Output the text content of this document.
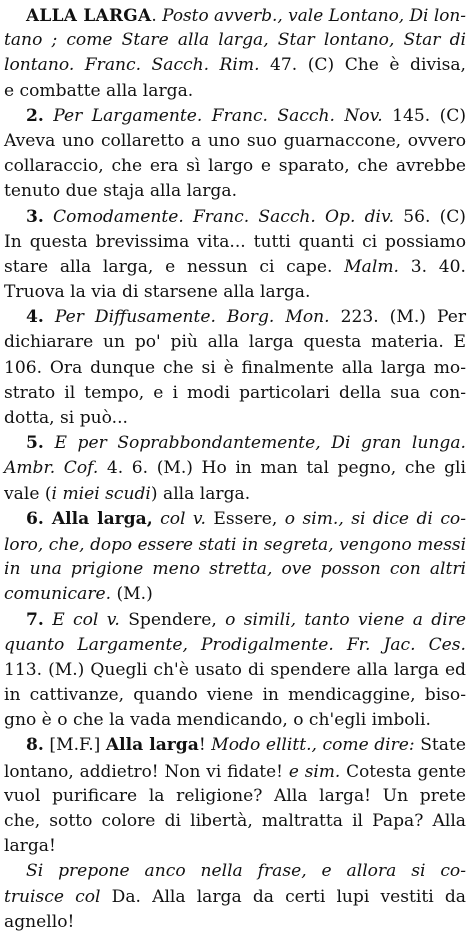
ALLA LARGA. Posto avverb., vale Lontano, Di lon-
tano ; come Stare alla larga, Star lontano, Star di
lontano. Franc. Sacch. Rim. 47. (C) Che è divisa,
e combatte alla larga.
2. Per Largamente. Franc. Sacch. Nov. 145. (C)
Aveva uno collaretto a uno suo guarnaccone, ovvero
collaraccio, che era sì largo e sparato, che avrebbe
tenuto due staja alla larga.
3. Comodamente. Franc. Sacch. Op. div. 56. (C)
In questa brevissima vita... tutti quanti ci possiamo
stare alla larga, e nessun ci cape. Malm. 3. 40.
Truova la via di starsene alla larga.
4. Per Diffusamente. Borg. Mon. 223. (M.) Per
dichiarare un po' più alla larga questa materia. E
106. Ora dunque che si è finalmente alla larga mo-
strato il tempo, e i modi particolari della sua con-
dotta, si può...
5. E per Soprabbondantemente, Di gran lunga.
Ambr. Cof. 4. 6. (M.) Ho in man tal pegno, che gli
vale (i miei scudi) alla larga.
6. Alla larga, col v. Essere, o sim., si dice di co-
loro, che, dopo essere stati in segreta, vengono messi
in una prigione meno stretta, ove posson con altri
comunicare. (M.)
7. E col v. Spendere, o simili, tanto viene a dire
quanto Largamente, Prodigalmente. Fr. Jac. Ces.
113. (M.) Quegli ch'è usato di spendere alla larga ed
in cattivanze, quando viene in mendicaggine, biso-
gno è o che la vada mendicando, o ch'egli imboli.
8. [M.F.] Alla larga! Modo ellitt., come dire: State
lontano, addietro! Non vi fidate! e sim. Cotesta gente
vuol purificare la religione? Alla larga! Un prete
che, sotto colore di libertà, maltratta il Papa? Alla
larga!
Si prepone anco nella frase, e allora si co-
truisce col Da. Alla larga da certi lupi vestiti da
agnello!
